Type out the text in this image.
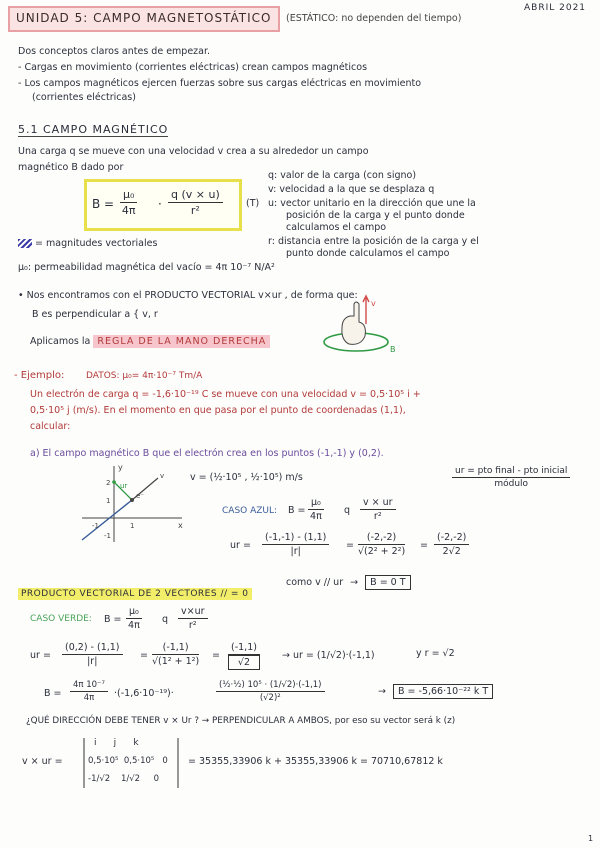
UNIDAD 5: CAMPO MAGNETOSTÁTICO (ESTÁTICO: no dependen del tiempo)
ABRIL 2021
Dos conceptos claros antes de empezar.
- Cargas en movimiento (corrientes eléctricas) crean campos magnéticos
- Los campos magnéticos ejercen fuerzas sobre sus cargas eléctricas en movimiento
(corrientes eléctricas)
5.1 CAMPO MAGNÉTICO
Una carga q se mueve con una velocidad v crea a su alrededor un campo
magnético B dado por
$B = \frac{\text{μ₀}}{4\pi} \cdot \frac{q (v \times u)}{\text{r²}} (T)$
q: valor de la carga (con signo)
v: velocidad a la que se desplaza q
u: vector unitario en la dirección que une la
posición de la carga y el punto donde
calculamos el campo
r: distancia entre la posición de la carga y el
punto donde calculamos el campo
= magnitudes vectoriales
μ₀: permeabilidad magnética del vacío = 4π 10⁻⁷ N/A²
• Nos encontramos con el PRODUCTO VECTORIAL v×ur , de forma que:
B es perpendicular a { v, r
Aplicamos la REGLA DE LA MANO DERECHA
v
B
- Ejemplo: DATOS: μ₀= 4π·10⁻⁷ Tm/A
Un electrón de carga q = -1,6·10⁻¹⁹ C se mueve con una velocidad v = 0,5·10⁵ i +
0,5·10⁵ j (m/s). En el momento en que pasa por el punto de coordenadas (1,1),
calcular:
a) El campo magnético B que el electrón crea en los puntos (-1,-1) y (0,2).
x
y
2
1
e⁻
v
ur
-1
-1
1
v = (½·10⁵ , ½·10⁵) m/s
ur = pto final - pto inicial
módulo
CASO AZUL: $B = \frac{\text{μ₀}}{4\pi}$ q $\frac{v \times ur}{\text{r²}}$
ur = $\frac{(-1,-1) - (1,1)}{|r|} = \frac{(-2,-2)}{\text{√(2² + 2²)}} = \frac{(-2,-2)}{2√2}$
como v // ur → B = 0 T
PRODUCTO VECTORIAL DE 2 VECTORES // = 0
CASO VERDE: $B = \frac{\text{μ₀}}{4\pi}$ q $\frac{v\times ur}{\text{r²}}$
ur = $\frac{(0,2) - (1,1)}{|r|} = \frac{(-1,1)}{\text{√(1² + 1²)}} = \frac{(-1,1)}{√2}$ → ur = (1/√2)·(-1,1)	y r = √2
$B = \frac{\text{4π 10⁻⁷}}{4\pi} \cdot(-1,6\cdot 10^{-19})\cdot$	$\frac{\text{(½·½) 10⁵ · (1/√2)·(-1,1)}}{\text{(√2)²}}$	→ B = -5,66·10⁻²² k T
¿QUÉ DIRECCIÓN DEBE TENER v × Ur ? → PERPENDICULAR A AMBOS, por eso su vector será k (z)
v × ur =
i      j      k
0,5·10⁵  0,5·10⁵   0
-1/√2    1/√2     0
= 35355,33906 k + 35355,33906 k = 70710,67812 k
1
